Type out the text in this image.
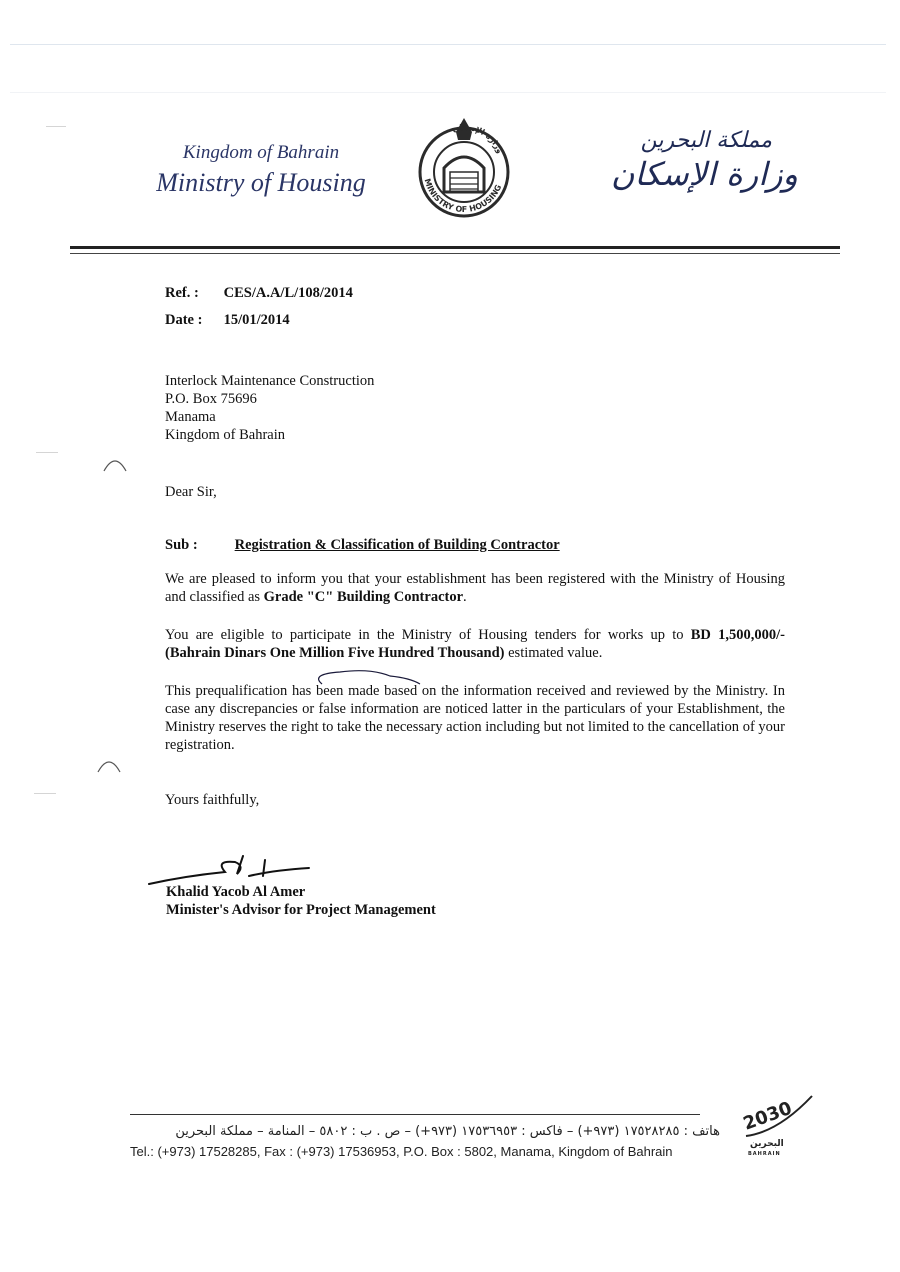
Kingdom of Bahrain
Ministry of Housing	MINISTRY OF HOUSING
وزارة الإسكان	مملكة البحرين
وزارة الإسكان
Ref. : CES/A.A/L/108/2014
Date : 15/01/2014
Interlock Maintenance Construction
P.O. Box 75696
Manama
Kingdom of Bahrain
Dear Sir,
Sub :	Registration & Classification of Building Contractor
We are pleased to inform you that your establishment has been registered with the Ministry of Housing and classified as Grade "C" Building Contractor.
You are eligible to participate in the Ministry of Housing tenders for works up to BD 1,500,000/- (Bahrain Dinars One Million Five Hundred Thousand) estimated value.
This prequalification has been made based on the information received and reviewed by the Ministry. In case any discrepancies or false information are noticed latter in the particulars of your Establishment, the Ministry reserves the right to take the necessary action including but not limited to the cancellation of your registration.
Yours faithfully,
Khalid Yacob Al Amer
Minister's Advisor for Project Management
هاتف : ١٧٥٢٨٢٨٥ (٩٧٣+) – فاكس : ١٧٥٣٦٩٥٣ (٩٧٣+) – ص . ب : ٥٨٠٢ – المنامة – مملكة البحرين
Tel.: (+973) 17528285, Fax : (+973) 17536953, P.O. Box : 5802, Manama, Kingdom of Bahrain
2030
البحرين
BAHRAIN
